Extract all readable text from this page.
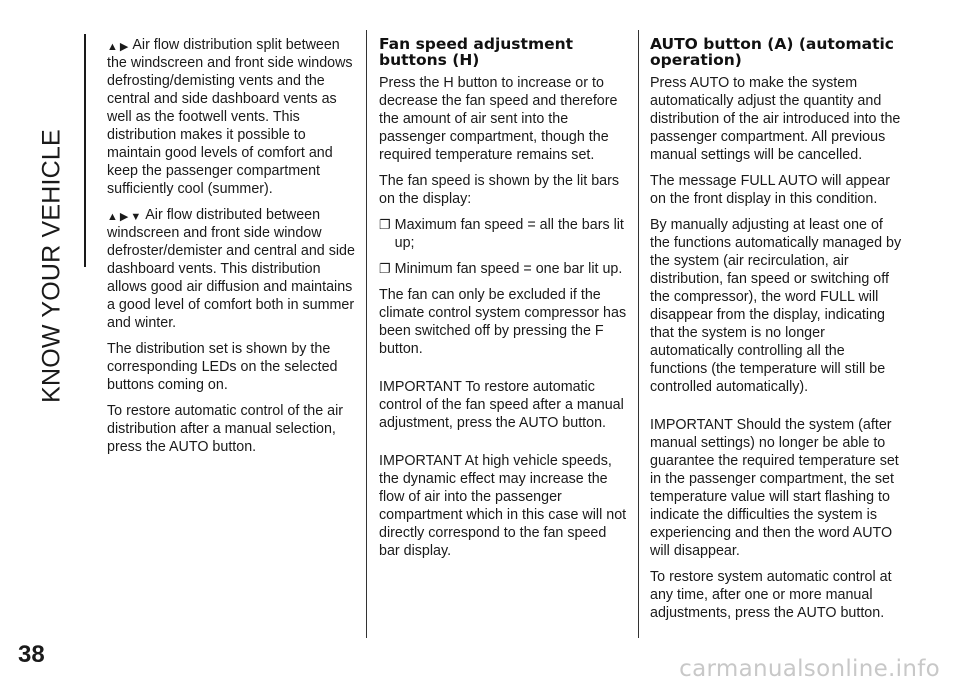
KNOW YOUR VEHICLE
38
carmanualsonline.info

▲ ▶ Air flow distribution split between the windscreen and front side windows defrosting/demisting vents and the central and side dashboard vents as well as the footwell vents. This distribution makes it possible to maintain good levels of comfort and keep the passenger compartment sufficiently cool (summer).

▲ ▶ ▼ Air flow distributed between windscreen and front side window defroster/demister and central and side dashboard vents. This distribution allows good air diffusion and maintains a good level of comfort both in summer and winter.

The distribution set is shown by the corresponding LEDs on the selected buttons coming on.

To restore automatic control of the air distribution after a manual selection, press the AUTO button.

Fan speed adjustment buttons (H)

Press the H button to increase or to decrease the fan speed and therefore the amount of air sent into the passenger compartment, though the required temperature remains set.

The fan speed is shown by the lit bars on the display:

❐ Maximum fan speed = all the bars lit up;
❐ Minimum fan speed = one bar lit up.

The fan can only be excluded if the climate control system compressor has been switched off by pressing the F button.

IMPORTANT To restore automatic control of the fan speed after a manual adjustment, press the AUTO button.

IMPORTANT At high vehicle speeds, the dynamic effect may increase the flow of air into the passenger compartment which in this case will not directly correspond to the fan speed bar display.

AUTO button (A) (automatic operation)

Press AUTO to make the system automatically adjust the quantity and distribution of the air introduced into the passenger compartment. All previous manual settings will be cancelled.

The message FULL AUTO will appear on the front display in this condition.

By manually adjusting at least one of the functions automatically managed by the system (air recirculation, air distribution, fan speed or switching off the compressor), the word FULL will disappear from the display, indicating that the system is no longer automatically controlling all the functions (the temperature will still be controlled automatically).

IMPORTANT Should the system (after manual settings) no longer be able to guarantee the required temperature set in the passenger compartment, the set temperature value will start flashing to indicate the difficulties the system is experiencing and then the word AUTO will disappear.

To restore system automatic control at any time, after one or more manual adjustments, press the AUTO button.
